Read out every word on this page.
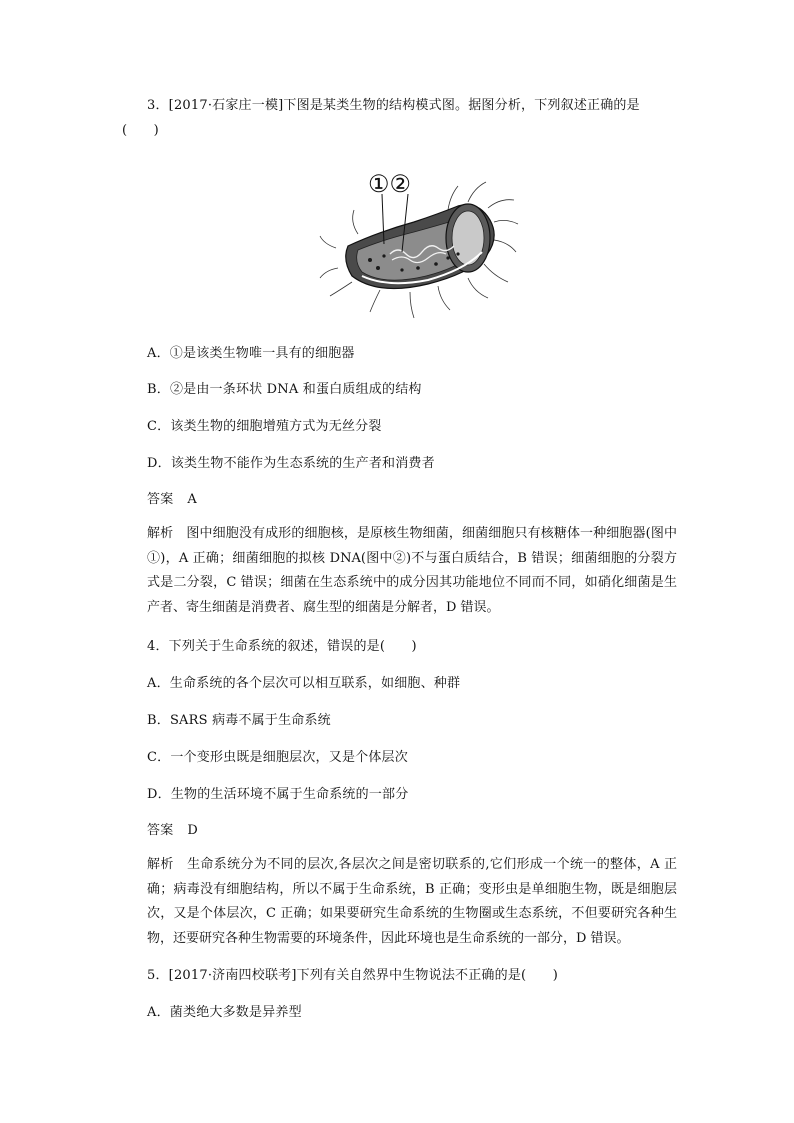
3．[2017·石家庄一模]下图是某类生物的结构模式图。据图分析，下列叙述正确的是
(　　)
①②
A．①是该类生物唯一具有的细胞器
B．②是由一条环状 DNA 和蛋白质组成的结构
C．该类生物的细胞增殖方式为无丝分裂
D．该类生物不能作为生态系统的生产者和消费者
答案 A
解析　图中细胞没有成形的细胞核，是原核生物细菌，细菌细胞只有核糖体一种细胞器(图中①)，A 正确；细菌细胞的拟核 DNA(图中②)不与蛋白质结合，B 错误；细菌细胞的分裂方式是二分裂，C 错误；细菌在生态系统中的成分因其功能地位不同而不同，如硝化细菌是生产者、寄生细菌是消费者、腐生型的细菌是分解者，D 错误。
4．下列关于生命系统的叙述，错误的是(　　)
A．生命系统的各个层次可以相互联系，如细胞、种群
B．SARS 病毒不属于生命系统
C．一个变形虫既是细胞层次，又是个体层次
D．生物的生活环境不属于生命系统的一部分
答案 D
解析　生命系统分为不同的层次,各层次之间是密切联系的,它们形成一个统一的整体，A 正确；病毒没有细胞结构，所以不属于生命系统，B 正确；变形虫是单细胞生物，既是细胞层次，又是个体层次，C 正确；如果要研究生命系统的生物圈或生态系统，不但要研究各种生物，还要研究各种生物需要的环境条件，因此环境也是生命系统的一部分，D 错误。
5．[2017·济南四校联考]下列有关自然界中生物说法不正确的是(　　)
A．菌类绝大多数是异养型
